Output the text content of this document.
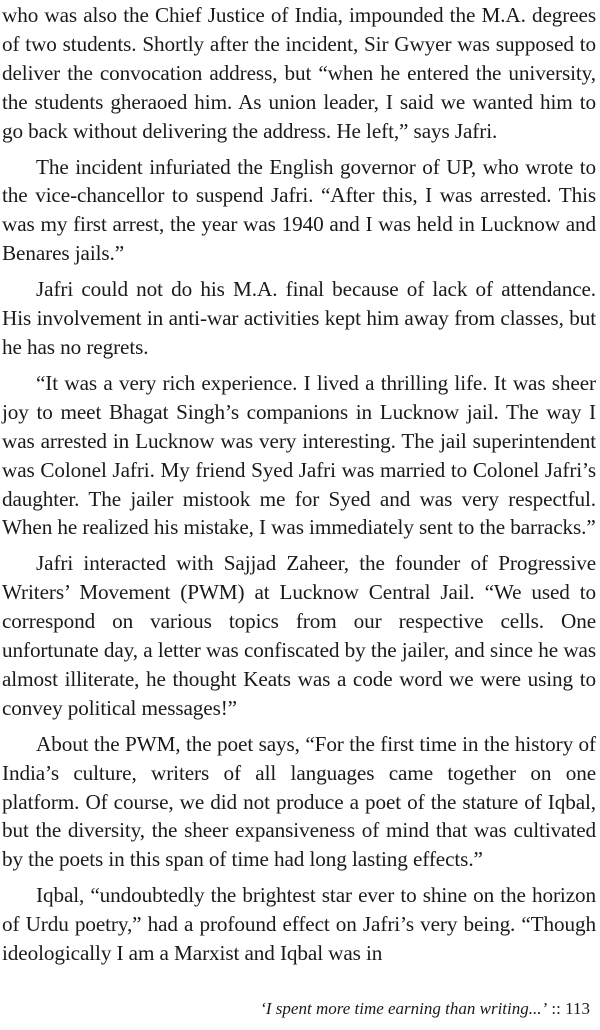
who was also the Chief Justice of India, impounded the M.A. degrees of two students. Shortly after the incident, Sir Gwyer was supposed to deliver the convocation address, but “when he entered the university, the students gheraoed him. As union leader, I said we wanted him to go back without delivering the address. He left,” says Jafri.

The incident infuriated the English governor of UP, who wrote to the vice-chancellor to suspend Jafri. “After this, I was arrested. This was my first arrest, the year was 1940 and I was held in Lucknow and Benares jails.”

Jafri could not do his M.A. final because of lack of attendance. His involvement in anti-war activities kept him away from classes, but he has no regrets.

“It was a very rich experience. I lived a thrilling life. It was sheer joy to meet Bhagat Singh’s companions in Lucknow jail. The way I was arrested in Lucknow was very interesting. The jail superintendent was Colonel Jafri. My friend Syed Jafri was married to Colonel Jafri’s daughter. The jailer mistook me for Syed and was very respectful. When he realized his mistake, I was immediately sent to the barracks.”

Jafri interacted with Sajjad Zaheer, the founder of Progressive Writers’ Movement (PWM) at Lucknow Central Jail. “We used to correspond on various topics from our respective cells. One unfortunate day, a letter was confiscated by the jailer, and since he was almost illiterate, he thought Keats was a code word we were using to convey political messages!”

About the PWM, the poet says, “For the first time in the history of India’s culture, writers of all languages came together on one platform. Of course, we did not produce a poet of the stature of Iqbal, but the diversity, the sheer expansiveness of mind that was cultivated by the poets in this span of time had long lasting effects.”

Iqbal, “undoubtedly the brightest star ever to shine on the horizon of Urdu poetry,” had a profound effect on Jafri’s very being. “Though ideologically I am a Marxist and Iqbal was in

‘I spent more time earning than writing...’ :: 113
